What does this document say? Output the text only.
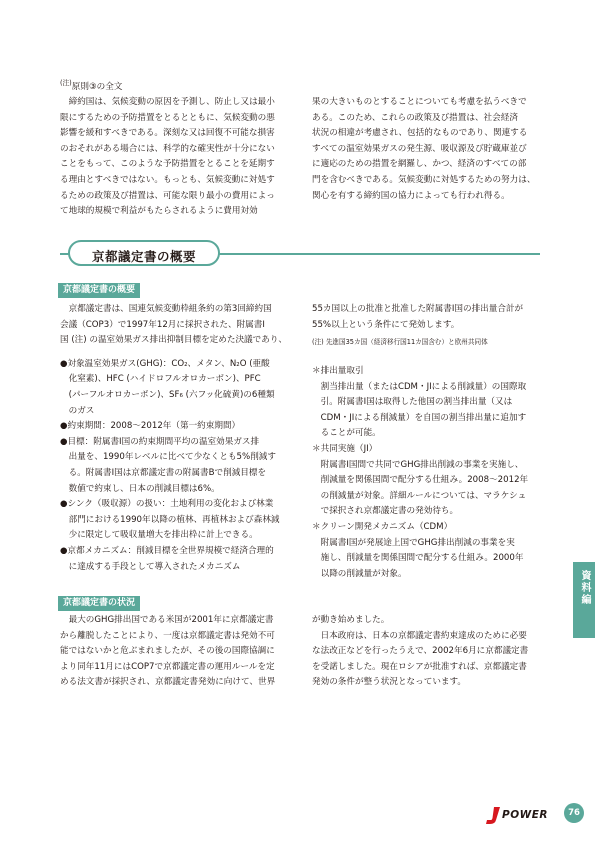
$^{(注)}$原則③の全文
　締約国は、気候変動の原因を予測し、防止し又は最小
限にするための予防措置をとるとともに、気候変動の悪
影響を緩和すべきである。深刻な又は回復不可能な損害
のおそれがある場合には、科学的な確実性が十分にない
ことをもって、このような予防措置をとることを延期す
る理由とすべきではない。もっとも、気候変動に対処す
るための政策及び措置は、可能な限り最小の費用によっ
て地球的規模で利益がもたらされるように費用対効
果の大きいものとすることについても考慮を払うべきで
ある。このため、これらの政策及び措置は、社会経済
状況の相違が考慮され、包括的なものであり、関連する
すべての温室効果ガスの発生源、吸収源及び貯蔵庫並び
に適応のための措置を網羅し、かつ、経済のすべての部
門を含むべきである。気候変動に対処するための努力は、
関心を有する締約国の協力によっても行われ得る。
京都議定書の概要
京都議定書の概要
　京都議定書は、国連気候変動枠組条約の第3回締約国
会議（COP3）で1997年12月に採択された、附属書Ⅰ
国 (注) の温室効果ガス排出抑制目標を定めた決議であり、
●対象温室効果ガス(GHG)：CO₂、メタン、N₂O (亜酸
　化窒素)、HFC (ハイドロフルオロカーボン)、PFC
　(パーフルオロカーボン)、SF₆ (六フッ化硫黄)の6種類
　のガス
●約束期間：2008〜2012年（第一約束期間）
●目標：附属書Ⅰ国の約束期間平均の温室効果ガス排
　出量を、1990年レベルに比べて少なくとも5%削減す
　る。附属書Ⅰ国は京都議定書の附属書Bで削減目標を
　数値で約束し、日本の削減目標は6%。
●シンク（吸収源）の扱い：土地利用の変化および林業
　部門における1990年以降の植林、再植林および森林減
　少に限定して吸収量増大を排出枠に計上できる。
●京都メカニズム：削減目標を全世界規模で経済合理的
　に達成する手段として導入されたメカニズム
55カ国以上の批准と批准した附属書Ⅰ国の排出量合計が
55%以上という条件にて発効します。
(注) 先進国35カ国（経済移行国11カ国含む）と欧州共同体
＊排出量取引
　割当排出量（またはCDM・JIによる削減量）の国際取
　引。附属書Ⅰ国は取得した他国の割当排出量（又は
　CDM・JIによる削減量）を自国の割当排出量に追加す
　ることが可能。
＊共同実施（JI）
　附属書Ⅰ国間で共同でGHG排出削減の事業を実施し、
　削減量を関係国間で配分する仕組み。2008〜2012年
　の削減量が対象。詳細ルールについては、マラケシュ
　で採択され京都議定書の発効待ち。
＊クリーン開発メカニズム（CDM）
　附属書Ⅰ国が発展途上国でGHG排出削減の事業を実
　施し、削減量を関係国間で配分する仕組み。2000年
　以降の削減量が対象。
京都議定書の状況
　最大のGHG排出国である米国が2001年に京都議定書
から離脱したことにより、一度は京都議定書は発効不可
能ではないかと危ぶまれましたが、その後の国際協調に
より同年11月にはCOP7で京都議定書の運用ルールを定
める法文書が採択され、京都議定書発効に向けて、世界
が動き始めました。
　日本政府は、日本の京都議定書約束達成のために必要
な法改正などを行ったうえで、2002年6月に京都議定書
を受諾しました。現在ロシアが批准すれば、京都議定書
発効の条件が整う状況となっています。
資料編
POWER	76
